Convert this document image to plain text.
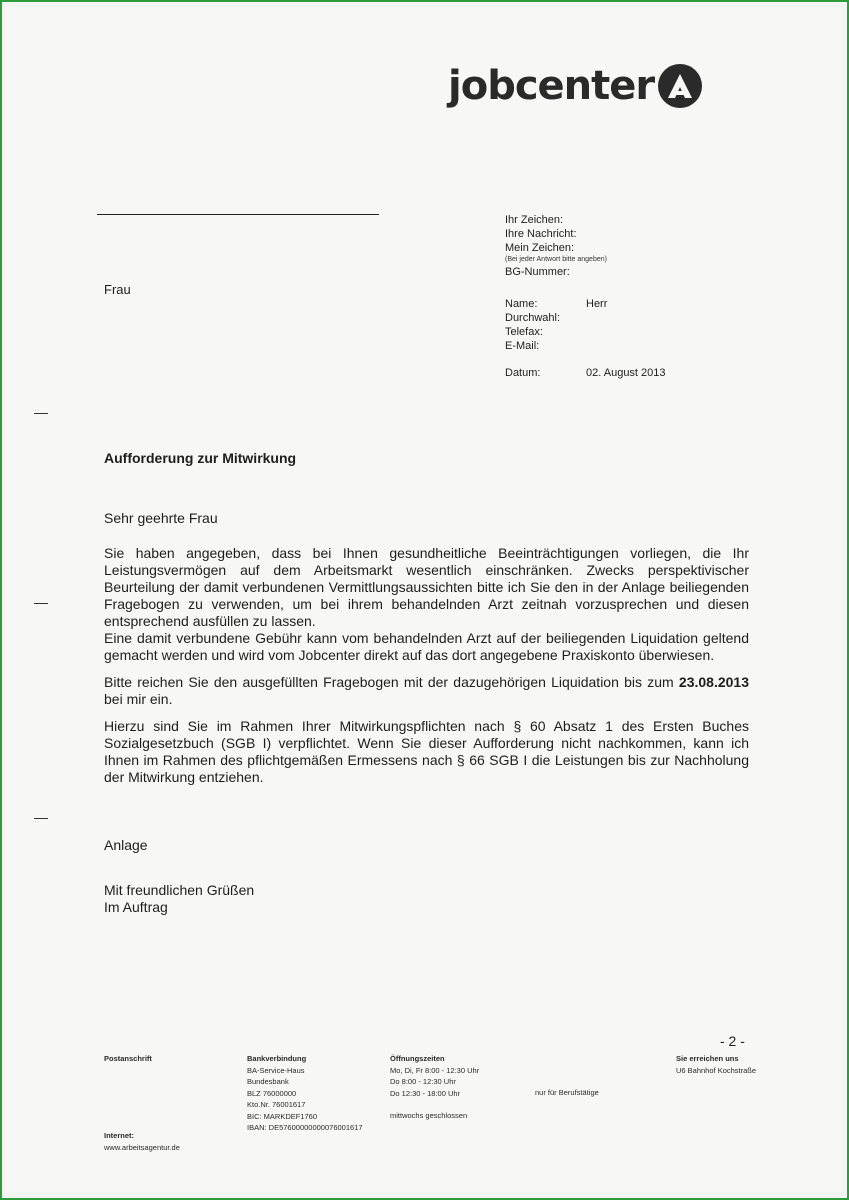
jobcenter
Frau
Ihr Zeichen:
Ihre Nachricht:
Mein Zeichen:
(Bei jeder Antwort bitte angeben)
BG-Nummer:
Name:
Durchwahl:
Telefax:
E-Mail:
Herr
Datum:	02. August 2013
Aufforderung zur Mitwirkung
Sehr geehrte Frau

Sie haben angegeben, dass bei Ihnen gesundheitliche Beeinträchtigungen vorliegen, die Ihr Leistungsvermögen auf dem Arbeitsmarkt wesentlich einschränken. Zwecks perspektivischer Beurteilung der damit verbundenen Vermittlungsaussichten bitte ich Sie den in der Anlage beiliegenden Fragebogen zu verwenden, um bei ihrem behandelnden Arzt zeitnah vorzusprechen und diesen entsprechend ausfüllen zu lassen.

Eine damit verbundene Gebühr kann vom behandelnden Arzt auf der beiliegenden Liquidation geltend gemacht werden und wird vom Jobcenter direkt auf das dort angegebene Praxiskonto überwiesen.

Bitte reichen Sie den ausgefüllten Fragebogen mit der dazugehörigen Liquidation bis zum 23.08.2013 bei mir ein.

Hierzu sind Sie im Rahmen Ihrer Mitwirkungspflichten nach § 60 Absatz 1 des Ersten Buches Sozialgesetzbuch (SGB I) verpflichtet. Wenn Sie dieser Aufforderung nicht nachkommen, kann ich Ihnen im Rahmen des pflichtgemäßen Ermessens nach § 66 SGB I die Leistungen bis zur Nachholung der Mitwirkung entziehen.

Anlage
Mit freundlichen Grüßen
Im Auftrag
- 2 -
Postanschrift
Internet:
www.arbeitsagentur.de
Bankverbindung
BA-Service-Haus
Bundesbank
BLZ 76000000
Kto.Nr. 76001617
BIC: MARKDEF1760
IBAN: DE57600000000076001617
Öffnungszeiten
Mo, Di, Fr 8:00 - 12:30 Uhr
Do 8:00 - 12:30 Uhr
Do 12:30 - 18:00 Uhr
mittwochs geschlossen
nur für Berufstätige
Sie erreichen uns
U6 Bahnhof Kochstraße
